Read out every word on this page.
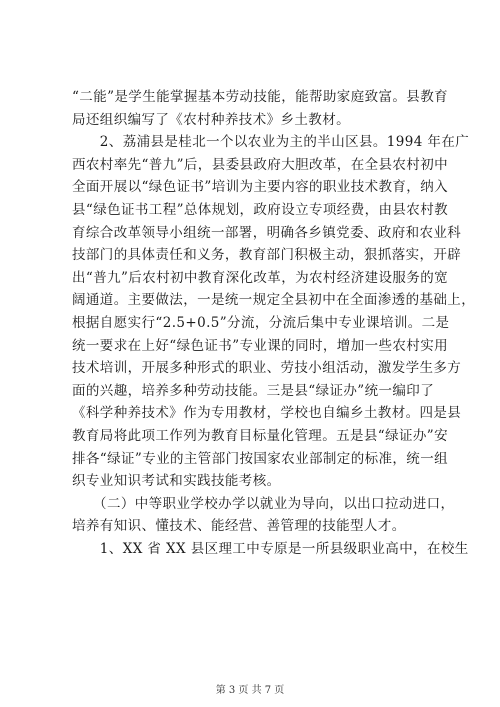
“二能”是学生能掌握基本劳动技能，能帮助家庭致富。县教育
局还组织编写了《农村种养技术》乡土教材。
　　2、荔浦县是桂北一个以农业为主的半山区县。1994 年在广
西农村率先“普九”后，县委县政府大胆改革，在全县农村初中
全面开展以“绿色证书”培训为主要内容的职业技术教育，纳入
县“绿色证书工程”总体规划，政府设立专项经费，由县农村教
育综合改革领导小组统一部署，明确各乡镇党委、政府和农业科
技部门的具体责任和义务，教育部门积极主动，狠抓落实，开辟
出“普九”后农村初中教育深化改革，为农村经济建设服务的宽
阔通道。主要做法，一是统一规定全县初中在全面渗透的基础上，
根据自愿实行“2.5+0.5”分流，分流后集中专业课培训。二是
统一要求在上好“绿色证书”专业课的同时，增加一些农村实用
技术培训，开展多种形式的职业、劳技小组活动，激发学生多方
面的兴趣，培养多种劳动技能。三是县“绿证办”统一编印了
《科学种养技术》作为专用教材，学校也自编乡土教材。四是县
教育局将此项工作列为教育目标量化管理。五是县“绿证办”安
排各“绿证”专业的主管部门按国家农业部制定的标准，统一组
织专业知识考试和实践技能考核。
　　（二）中等职业学校办学以就业为导向，以出口拉动进口，
培养有知识、懂技术、能经营、善管理的技能型人才。
　　1、XX 省 XX 县区理工中专原是一所县级职业高中，在校生
第 3 页 共 7 页
